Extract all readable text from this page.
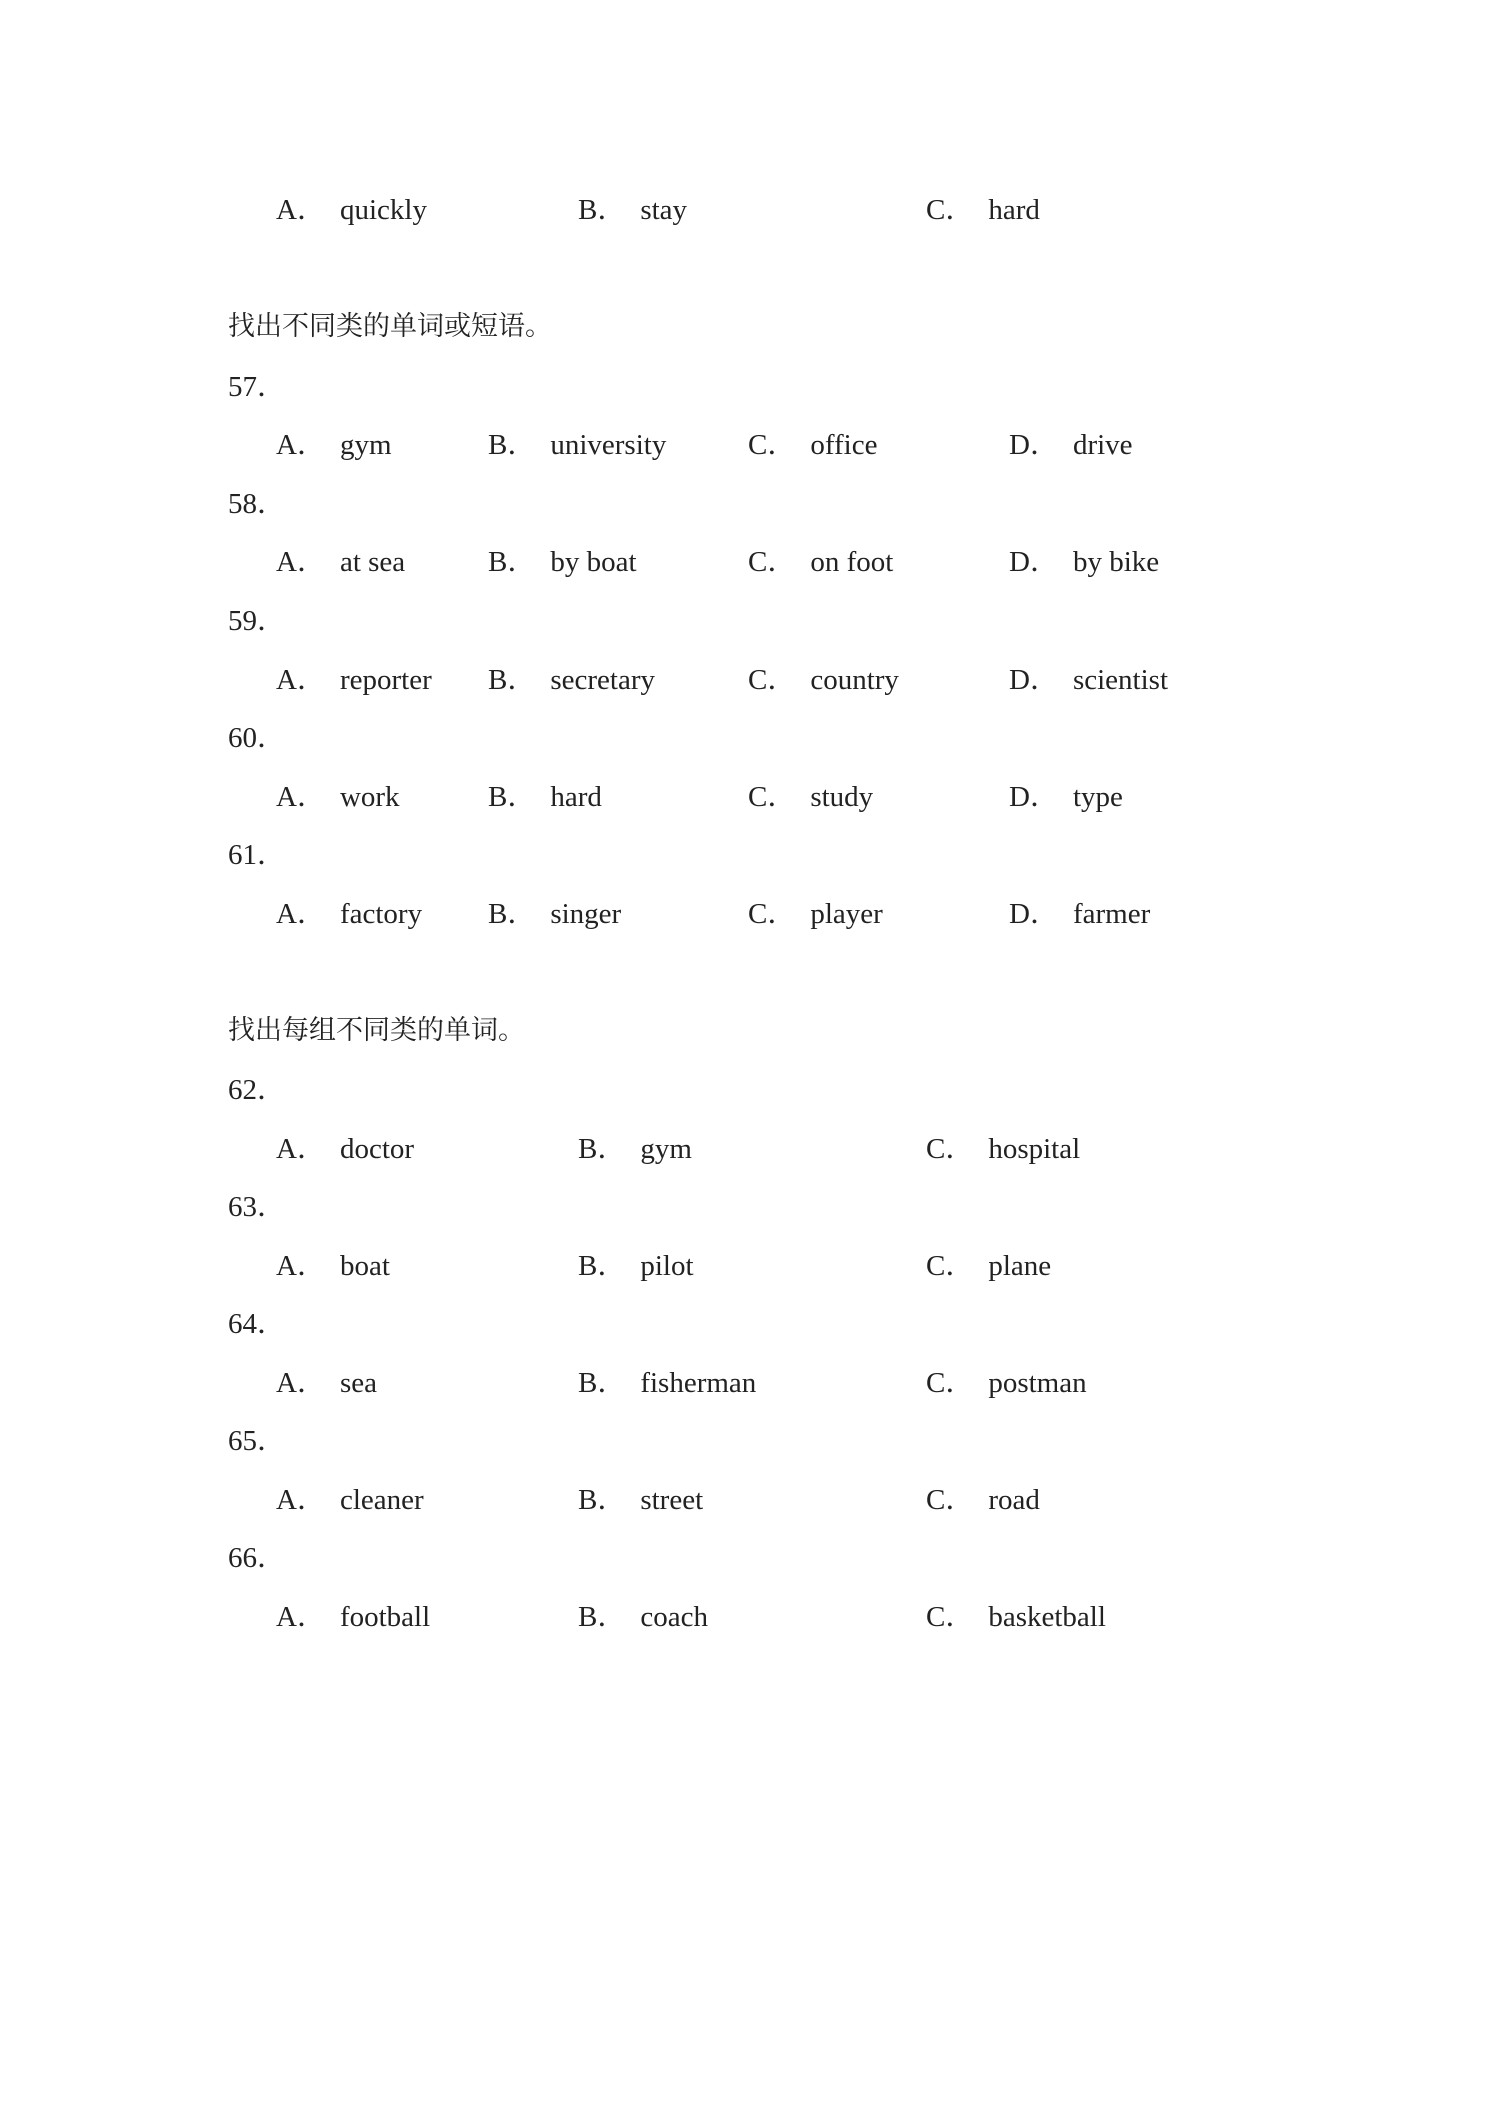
A． quickly	B． stay	C． hard
找出不同类的单词或短语。
57．
A． gym	B． university	C． office	D． drive
58．
A． at sea	B． by boat	C． on foot	D． by bike
59．
A． reporter B． secretary	C． country	D． scientist
60．
A． work	B． hard	C． study	D． type
61．
A． factory B． singer	C． player	D． farmer
找出每组不同类的单词。
62．
A． doctor	B． gym	C． hospital
63．
A． boat	B． pilot	C． plane
64．
A． sea	B． fisherman	C． postman
65．
A． cleaner	B． street	C． road
66．
A． football	B． coach	C． basketball
